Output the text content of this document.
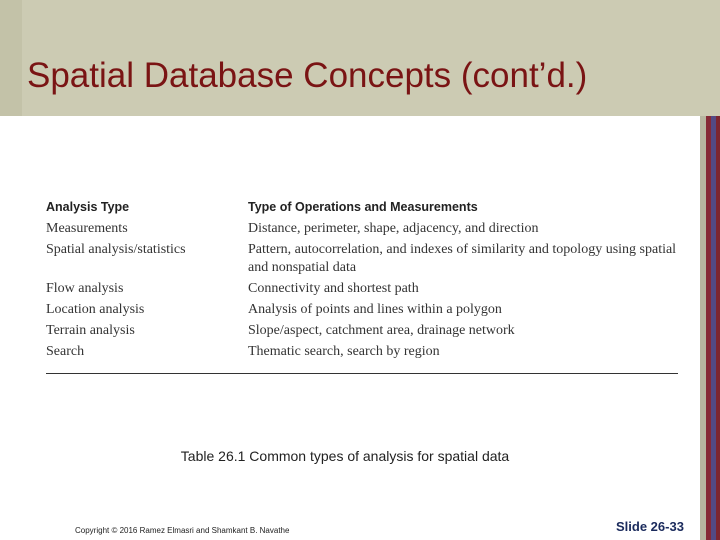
Spatial Database Concepts (cont’d.)
Analysis Type	Type of Operations and Measurements
Measurements	Distance, perimeter, shape, adjacency, and direction
Spatial analysis/statistics	Pattern, autocorrelation, and indexes of similarity and topology using spatial and nonspatial data
Flow analysis	Connectivity and shortest path
Location analysis	Analysis of points and lines within a polygon
Terrain analysis	Slope/aspect, catchment area, drainage network
Search	Thematic search, search by region
Table 26.1 Common types of analysis for spatial data
Copyright © 2016 Ramez Elmasri and Shamkant B. Navathe	Slide 26-33
